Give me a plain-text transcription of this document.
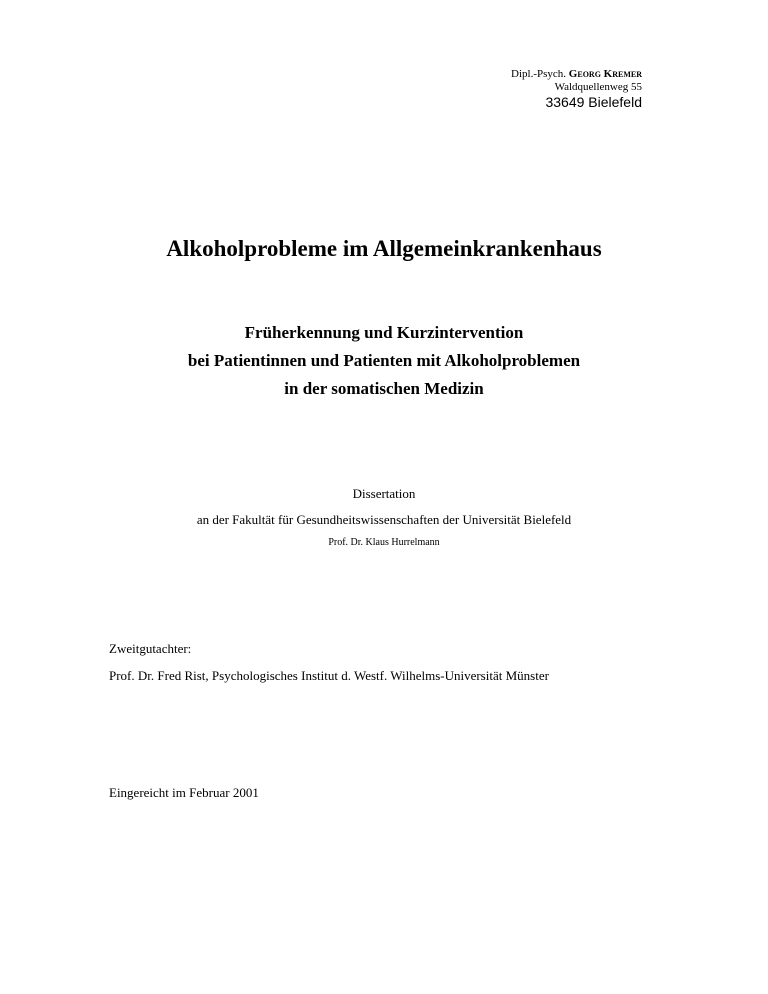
Dipl.-Psych. Georg Kremer
Waldquellenweg 55
33649 Bielefeld
Alkoholprobleme im Allgemeinkrankenhaus
Früherkennung und Kurzintervention
bei Patientinnen und Patienten mit Alkoholproblemen
in der somatischen Medizin
Dissertation
an der Fakultät für Gesundheitswissenschaften der Universität Bielefeld
Prof. Dr. Klaus Hurrelmann
Zweitgutachter:
Prof. Dr. Fred Rist, Psychologisches Institut d. Westf. Wilhelms-Universität Münster
Eingereicht im Februar 2001
